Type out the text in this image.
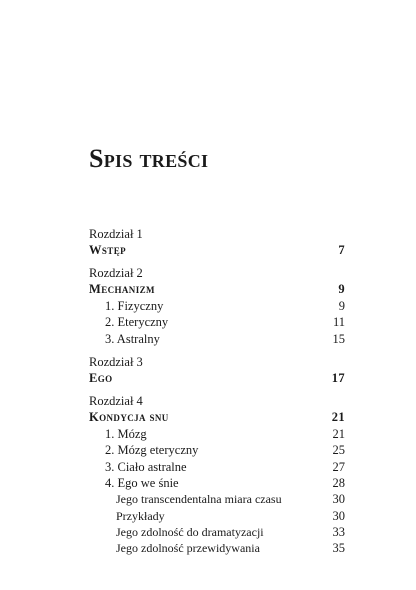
Spis treści
Rozdział 1
Wstęp	7
Rozdział 2
Mechanizm	9
1. Fizyczny	9
2. Eteryczny	11
3. Astralny	15
Rozdział 3
Ego	17
Rozdział 4
Kondycja snu	21
1. Mózg	21
2. Mózg eteryczny	25
3. Ciało astralne	27
4. Ego we śnie	28
Jego transcendentalna miara czasu	30
Przykłady	30
Jego zdolność do dramatyzacji	33
Jego zdolność przewidywania	35
